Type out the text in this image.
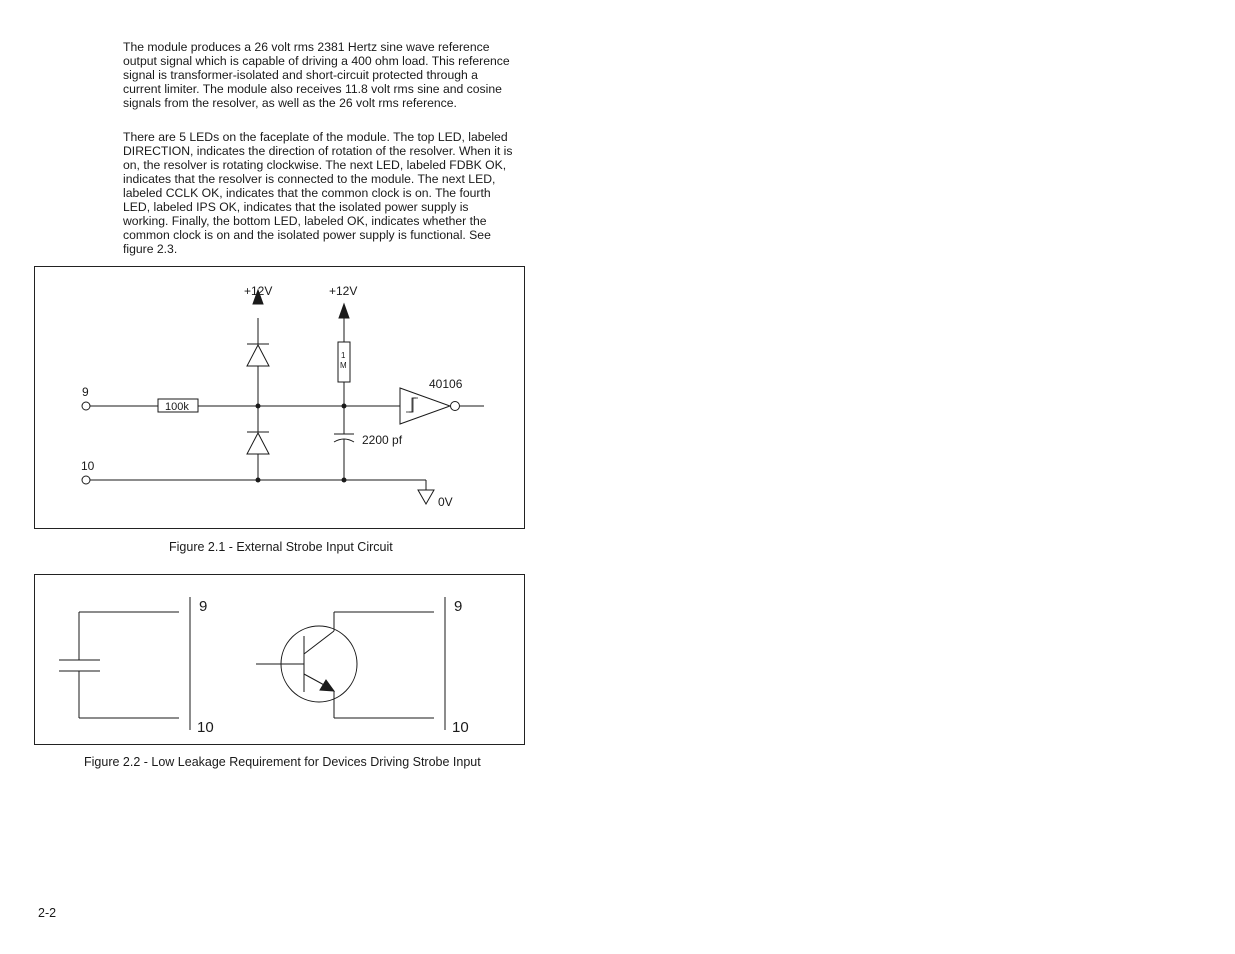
The module produces a 26 volt rms 2381 Hertz sine wave reference output signal which is capable of driving a 400 ohm load. This reference signal is transformer-isolated and short-circuit protected through a current limiter. The module also receives 11.8 volt rms sine and cosine signals from the resolver, as well as the 26 volt rms reference.

There are 5 LEDs on the faceplate of the module. The top LED, labeled DIRECTION, indicates the direction of rotation of the resolver. When it is on, the resolver is rotating clockwise. The next LED, labeled FDBK OK, indicates that the resolver is connected to the module. The next LED, labeled CCLK OK, indicates that the common clock is on. The fourth LED, labeled IPS OK, indicates that the isolated power supply is working. Finally, the bottom LED, labeled OK, indicates whether the common clock is on and the isolated power supply is functional. See figure 2.3.

9
10
100k
0V
+12V	+12V
1
M
2200 pf
40106

Figure 2.1 - External Strobe Input Circuit

9
10
9
10

Figure 2.2 - Low Leakage Requirement for Devices Driving Strobe Input

2-2
